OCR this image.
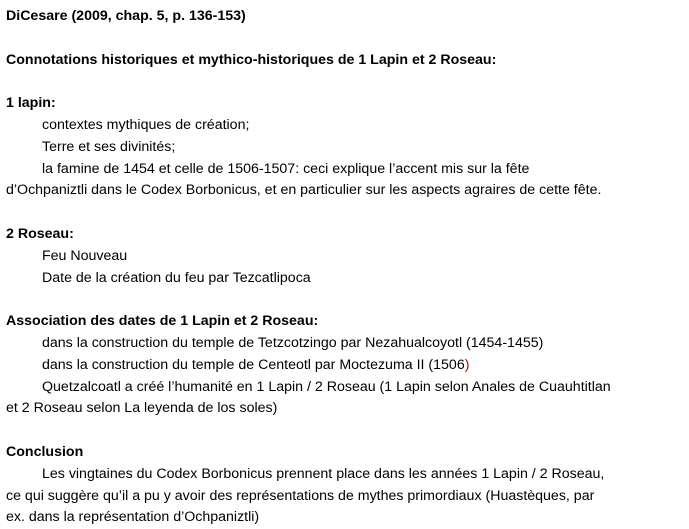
DiCesare (2009, chap. 5, p. 136-153)
Connotations historiques et mythico-historiques de 1 Lapin et 2 Roseau:
1 lapin:
contextes mythiques de création;
Terre et ses divinités;
la famine de 1454 et celle de 1506-1507: ceci explique l’accent mis sur la fête
d’Ochpaniztli dans le Codex Borbonicus, et en particulier sur les aspects agraires de cette fête.
2 Roseau:
Feu Nouveau
Date de la création du feu par Tezcatlipoca
Association des dates de 1 Lapin et 2 Roseau:
dans la construction du temple de Tetzcotzingo par Nezahualcoyotl (1454-1455)
dans la construction du temple de Centeotl par Moctezuma II (1506)
Quetzalcoatl a créé l’humanité en 1 Lapin / 2 Roseau (1 Lapin selon Anales de Cuauhtitlan
et 2 Roseau selon La leyenda de los soles)
Conclusion
Les vingtaines du Codex Borbonicus prennent place dans les années 1 Lapin / 2 Roseau,
ce qui suggère qu’il a pu y avoir des représentations de mythes primordiaux (Huastèques, par
ex. dans la représentation d’Ochpaniztli)
